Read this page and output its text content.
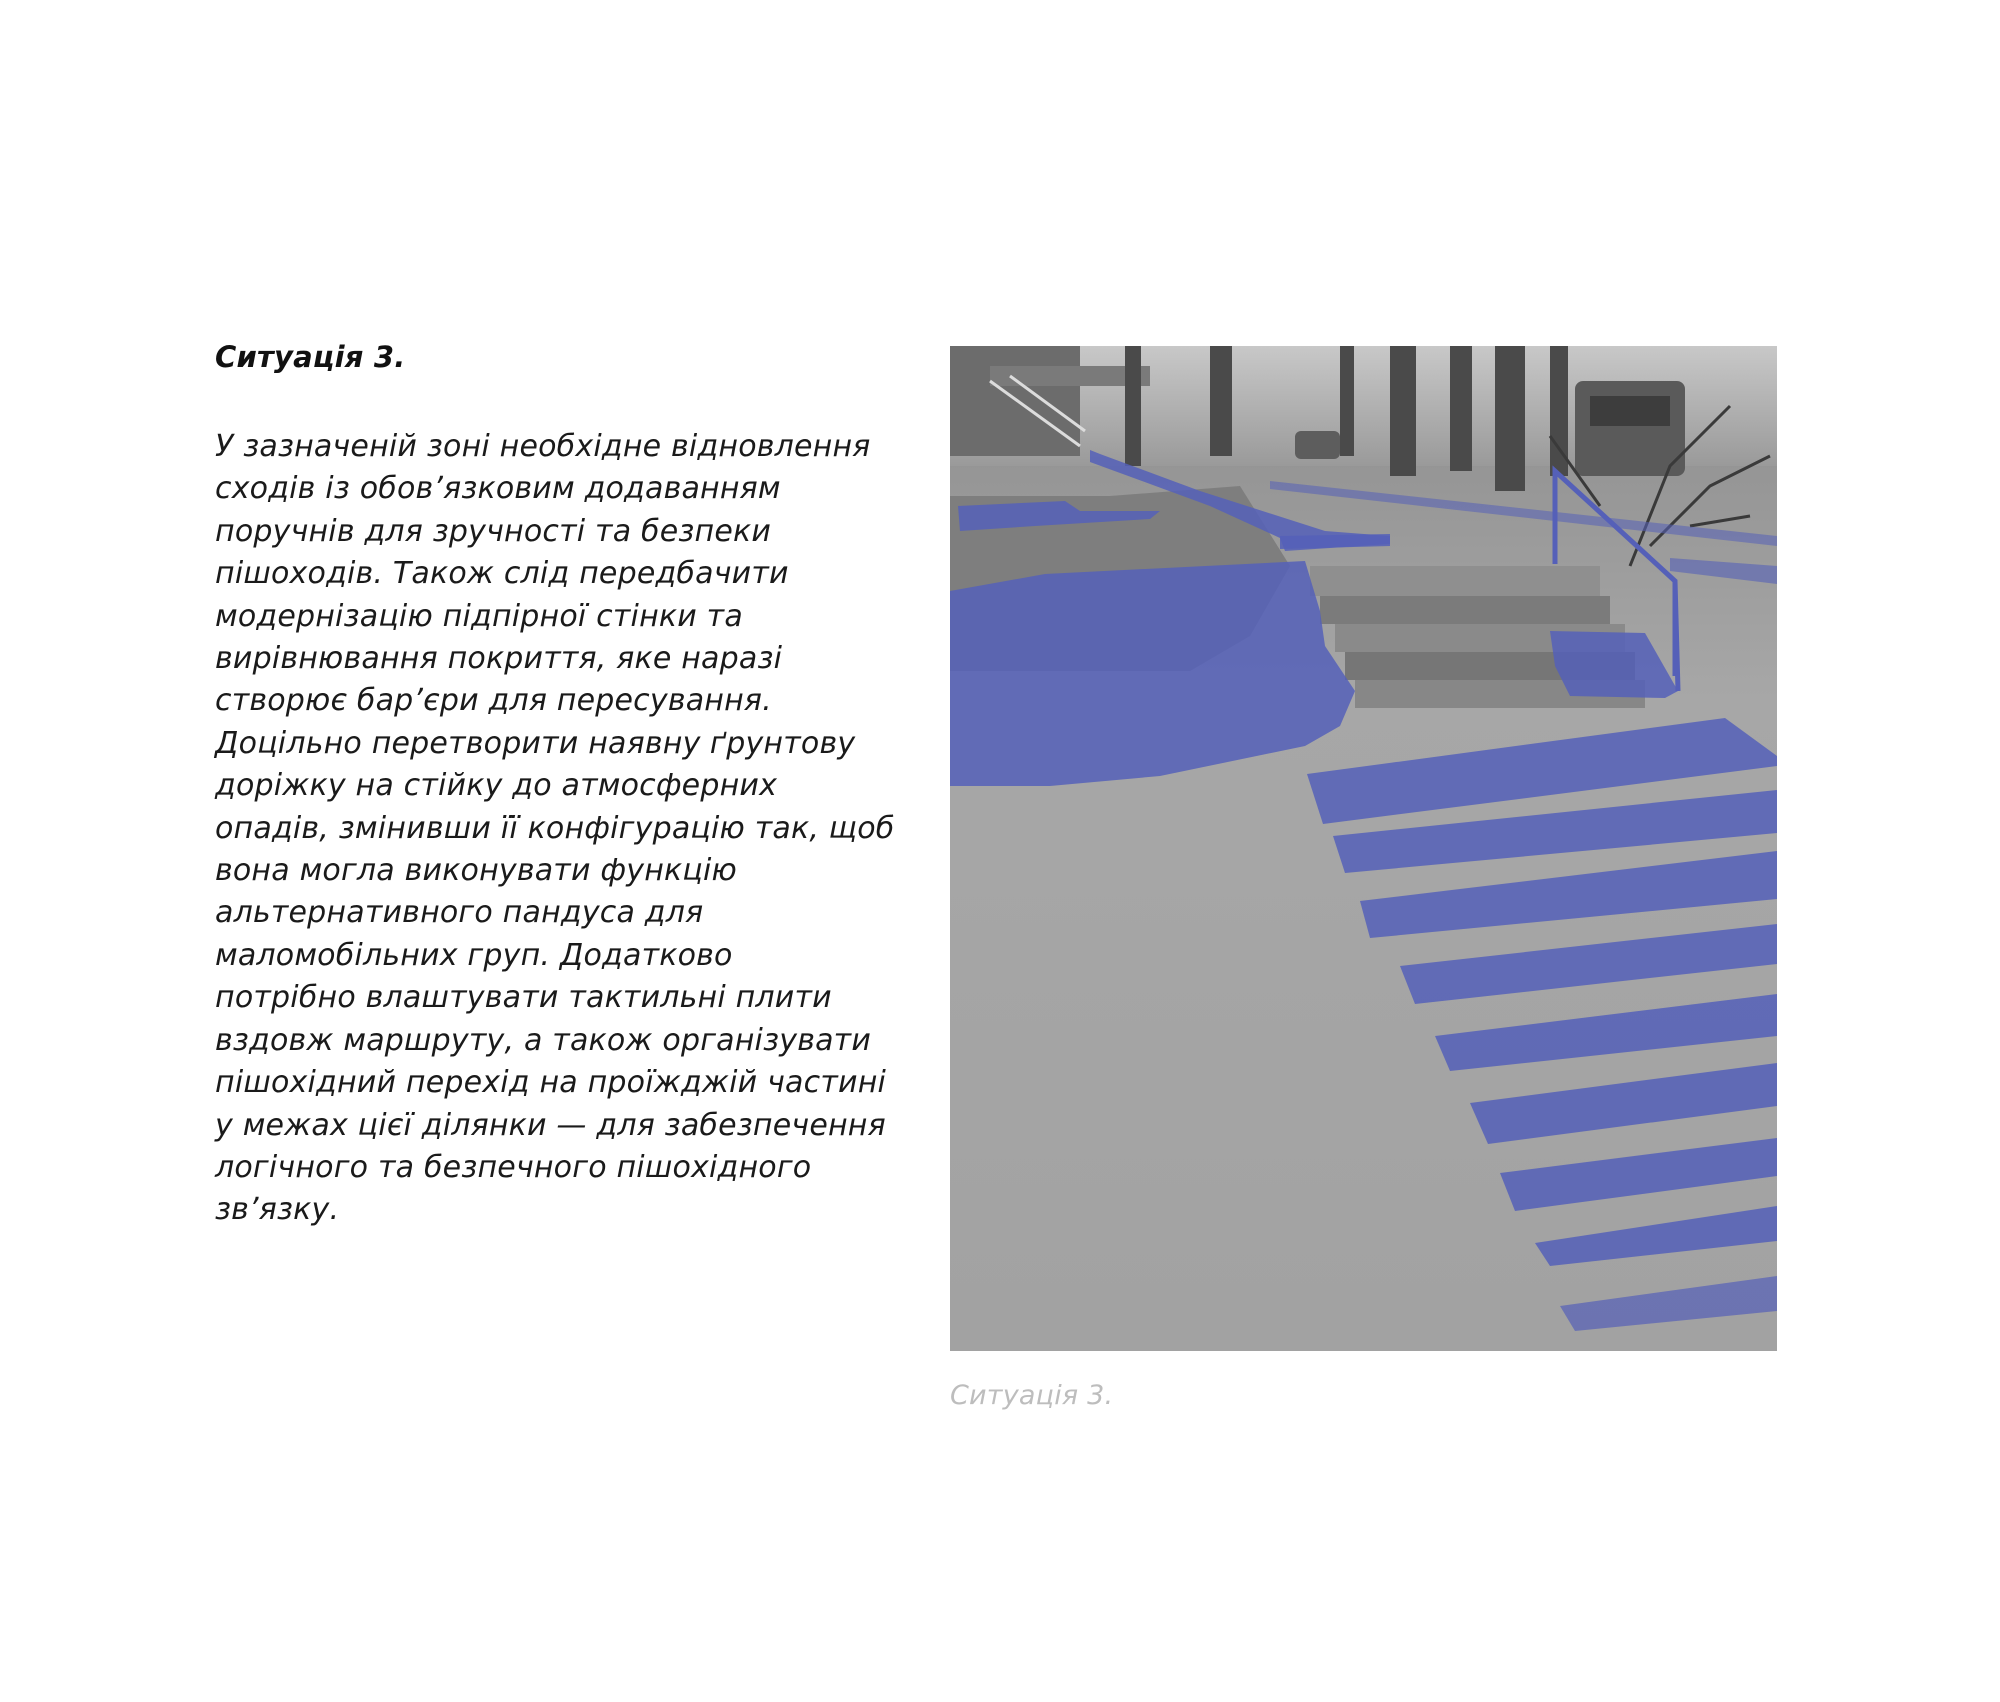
Ситуація 3.
У зазначеній зоні необхідне відновлення
сходів із обов’язковим додаванням
поручнів для зручності та безпеки
пішоходів. Також слід передбачити
модернізацію підпірної стінки та
вирівнювання покриття, яке наразі
створює бар’єри для пересування.
Доцільно перетворити наявну ґрунтову
доріжку на стійку до атмосферних
опадів, змінивши її конфігурацію так, щоб
вона могла виконувати функцію
альтернативного пандуса для
маломобільних груп. Додатково
потрібно влаштувати тактильні плити
вздовж маршруту, а також організувати
пішохідний перехід на проїжджій частині
у межах цієї ділянки — для забезпечення
логічного та безпечного пішохідного
зв’язку.

Ситуація 3.
